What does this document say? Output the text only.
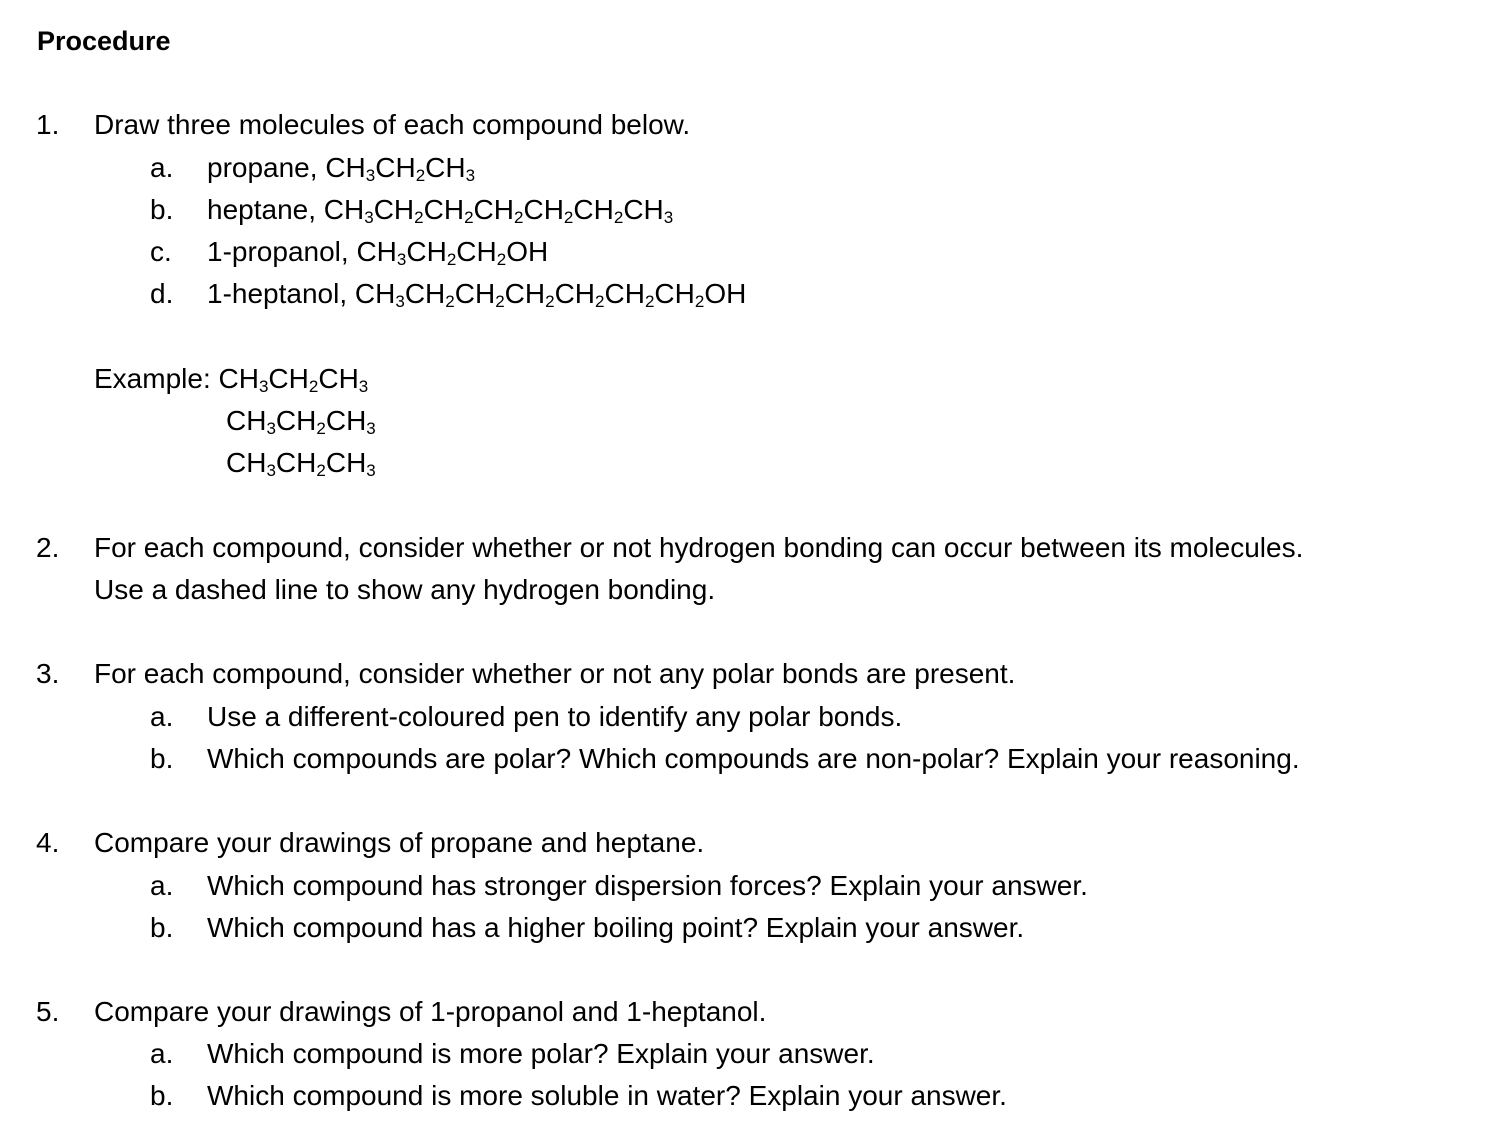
Procedure
1. Draw three molecules of each compound below.
a. propane, $CH_3CH_2CH_3$
b. heptane, $CH_3CH_2CH_2CH_2CH_2CH_2CH_3$
c. 1-propanol, $CH_3CH_2CH_2OH$
d. 1-heptanol, $CH_3CH_2CH_2CH_2CH_2CH_2CH_2OH$
Example: $CH_3CH_2CH_3$
$CH_3CH_2CH_3$
$CH_3CH_2CH_3$
2. For each compound, consider whether or not hydrogen bonding can occur between its molecules.
Use a dashed line to show any hydrogen bonding.
3. For each compound, consider whether or not any polar bonds are present.
a. Use a different-coloured pen to identify any polar bonds.
b. Which compounds are polar? Which compounds are non-polar? Explain your reasoning.
4. Compare your drawings of propane and heptane.
a. Which compound has stronger dispersion forces? Explain your answer.
b. Which compound has a higher boiling point? Explain your answer.
5. Compare your drawings of 1-propanol and 1-heptanol.
a. Which compound is more polar? Explain your answer.
b. Which compound is more soluble in water? Explain your answer.
